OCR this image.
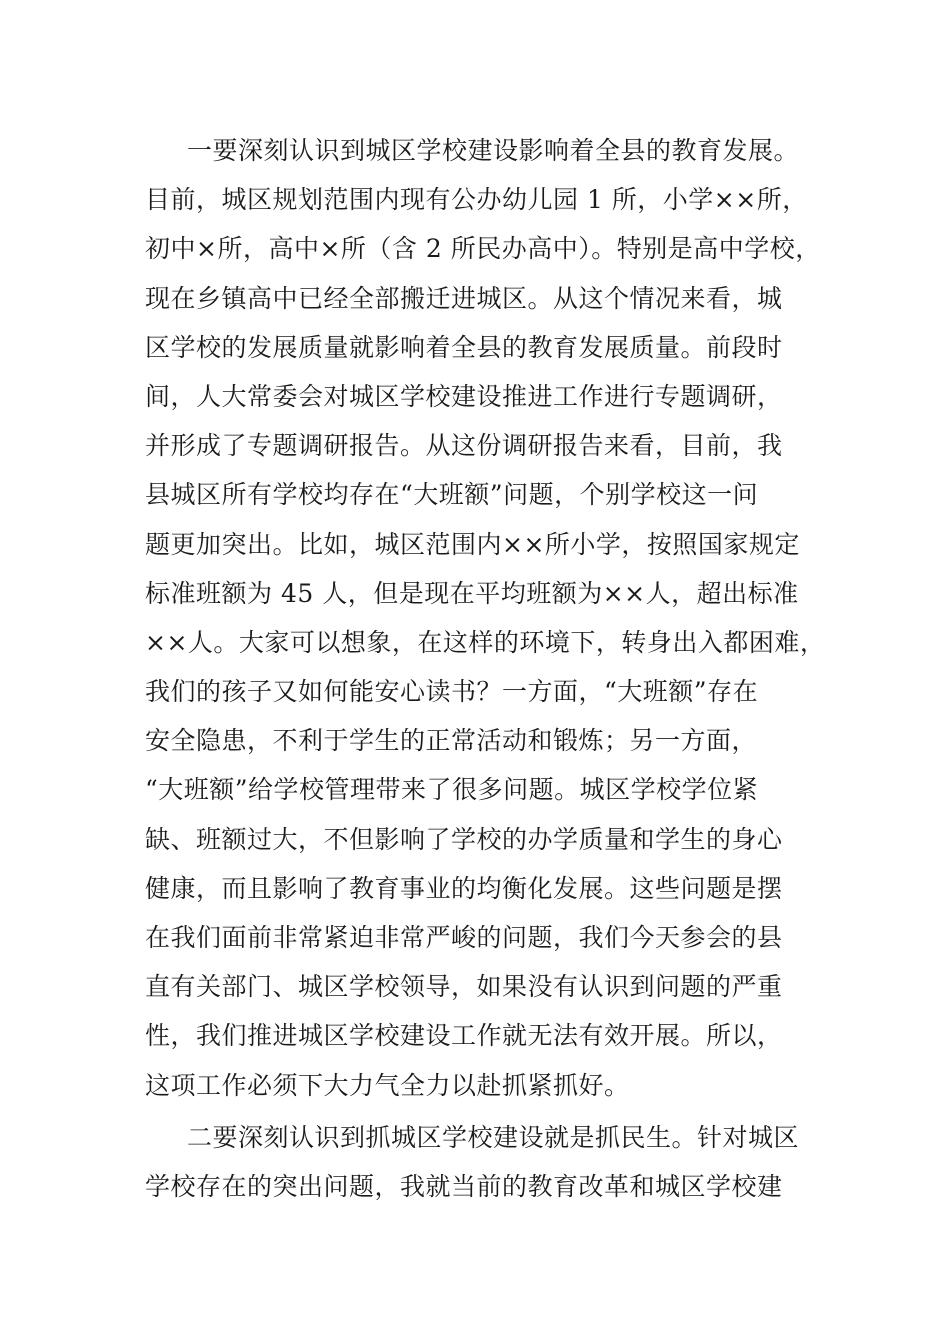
一要深刻认识到城区学校建设影响着全县的教育发展。
目前，城区规划范围内现有公办幼儿园 1 所，小学××所，
初中×所，高中×所（含 2 所民办高中）。特别是高中学校，
现在乡镇高中已经全部搬迁进城区。从这个情况来看，城
区学校的发展质量就影响着全县的教育发展质量。前段时
间，人大常委会对城区学校建设推进工作进行专题调研，
并形成了专题调研报告。从这份调研报告来看，目前，我
县城区所有学校均存在“大班额”问题，个别学校这一问
题更加突出。比如，城区范围内××所小学，按照国家规定
标准班额为 45 人，但是现在平均班额为××人，超出标准
××人。大家可以想象，在这样的环境下，转身出入都困难，
我们的孩子又如何能安心读书？一方面，“大班额”存在
安全隐患，不利于学生的正常活动和锻炼；另一方面，
“大班额”给学校管理带来了很多问题。城区学校学位紧
缺、班额过大，不但影响了学校的办学质量和学生的身心
健康，而且影响了教育事业的均衡化发展。这些问题是摆
在我们面前非常紧迫非常严峻的问题，我们今天参会的县
直有关部门、城区学校领导，如果没有认识到问题的严重
性，我们推进城区学校建设工作就无法有效开展。所以，
这项工作必须下大力气全力以赴抓紧抓好。
二要深刻认识到抓城区学校建设就是抓民生。针对城区
学校存在的突出问题，我就当前的教育改革和城区学校建
